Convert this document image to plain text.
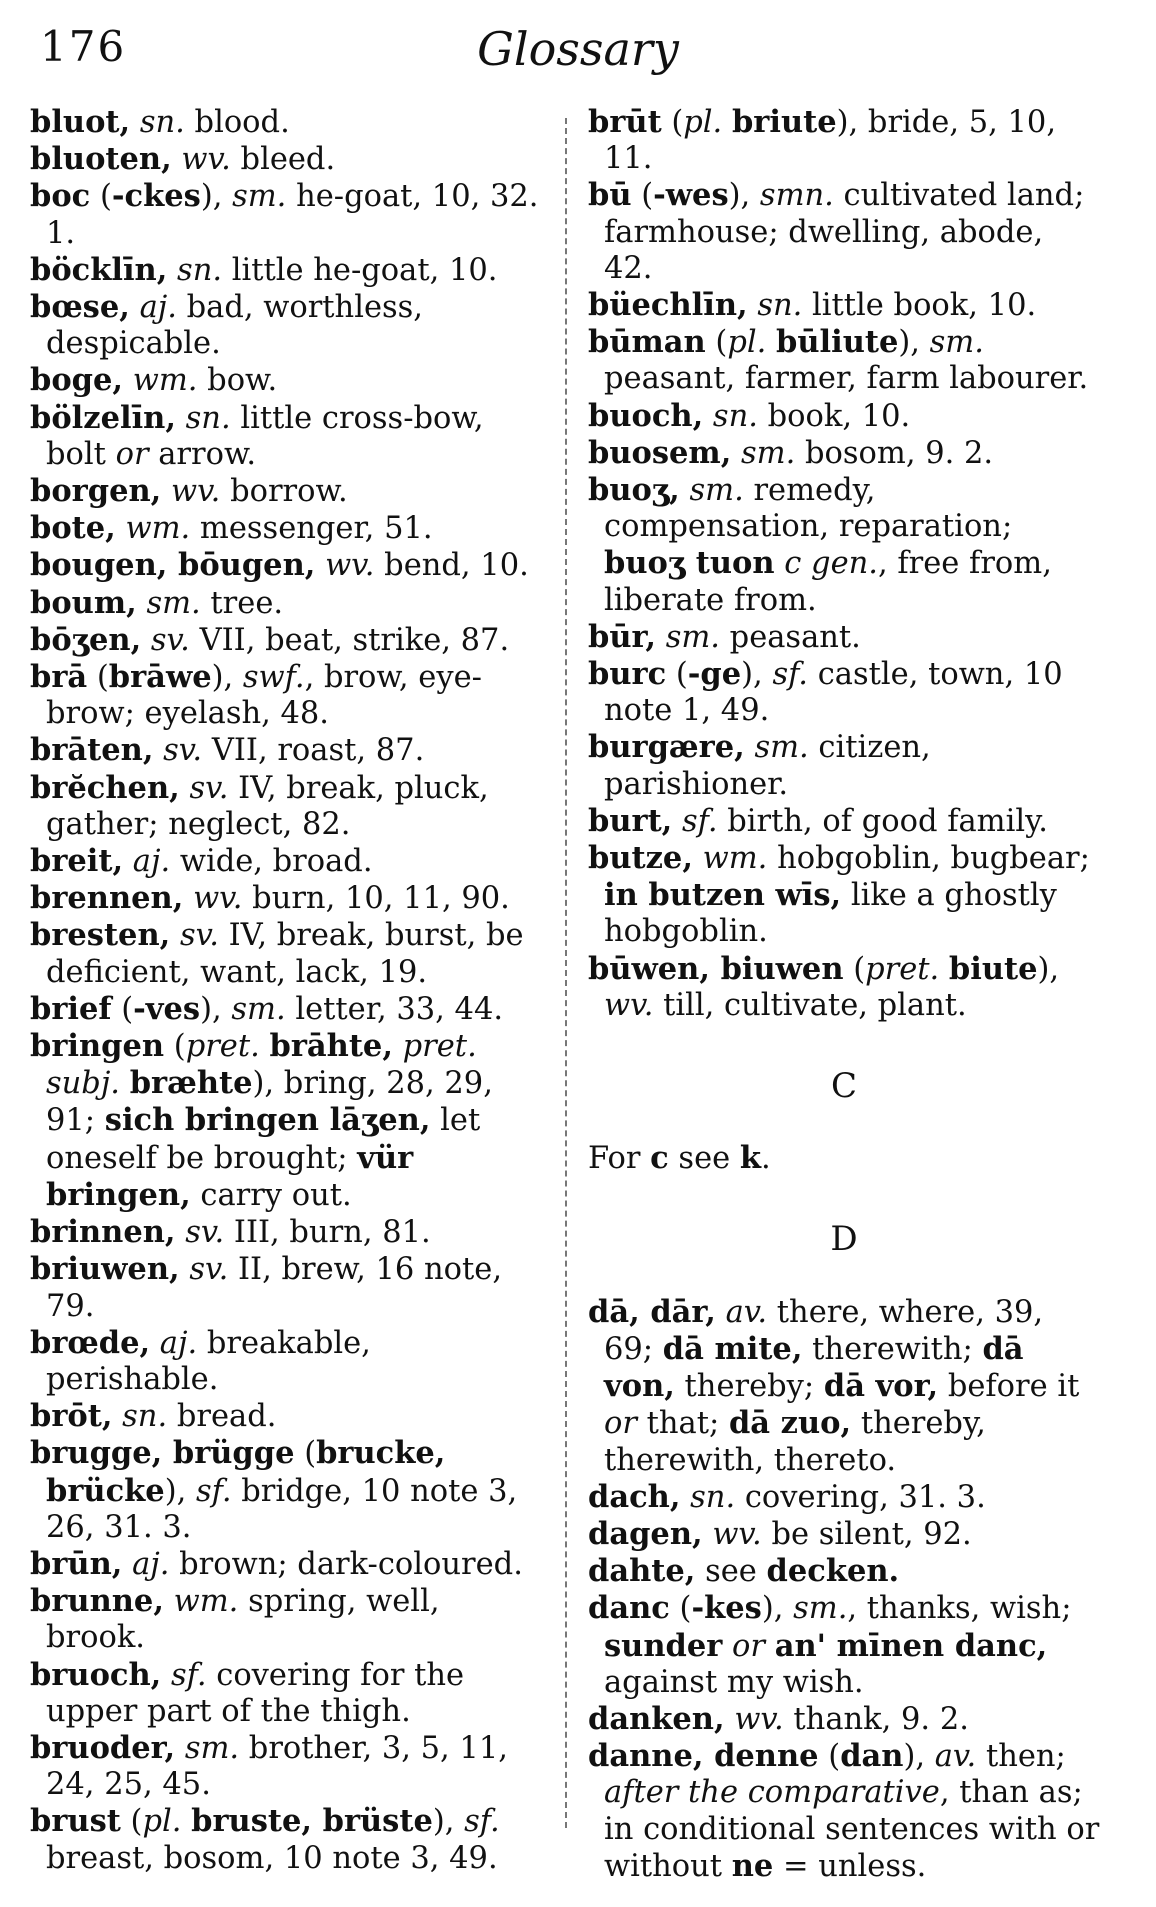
176	Glossary

bluot, sn. blood.

bluoten, wv. bleed.

boc (-ckes), sm. he-goat, 10, 32. 1.

böcklīn, sn. little he-goat, 10.

bœse, aj. bad, worthless, despicable.

boge, wm. bow.

bölzelīn, sn. little cross-bow, bolt or arrow.

borgen, wv. borrow.

bote, wm. messenger, 51.

bougen, bōugen, wv. bend, 10.

boum, sm. tree.

bōʒen, sv. VII, beat, strike, 87.

brā (brāwe), swf., brow, eye-brow; eyelash, 48.

brāten, sv. VII, roast, 87.

brĕchen, sv. IV, break, pluck, gather; neglect, 82.

breit, aj. wide, broad.

brennen, wv. burn, 10, 11, 90.

bresten, sv. IV, break, burst, be deficient, want, lack, 19.

brief (-ves), sm. letter, 33, 44.

bringen (pret. brāhte, pret. subj. bræhte), bring, 28, 29, 91; sich bringen lāʒen, let oneself be brought; vür bringen, carry out.

brinnen, sv. III, burn, 81.

briuwen, sv. II, brew, 16 note, 79.

brœde, aj. breakable, perishable.

brōt, sn. bread.

brugge, brügge (brucke, brücke), sf. bridge, 10 note 3, 26, 31. 3.

brūn, aj. brown; dark-coloured.

brunne, wm. spring, well, brook.

bruoch, sf. covering for the upper part of the thigh.

bruoder, sm. brother, 3, 5, 11, 24, 25, 45.

brust (pl. bruste, brüste), sf. breast, bosom, 10 note 3, 49.

brūt (pl. briute), bride, 5, 10, 11.

bū (-wes), smn. cultivated land; farmhouse; dwelling, abode, 42.

büechlīn, sn. little book, 10.

būman (pl. būliute), sm. peasant, farmer, farm labourer.

buoch, sn. book, 10.

buosem, sm. bosom, 9. 2.

buoʒ, sm. remedy, compensation, reparation; buoʒ tuon c gen., free from, liberate from.

būr, sm. peasant.

burc (-ge), sf. castle, town, 10 note 1, 49.

burgære, sm. citizen, parishioner.

burt, sf. birth, of good family.

butze, wm. hobgoblin, bugbear; in butzen wīs, like a ghostly hobgoblin.

būwen, biuwen (pret. biute), wv. till, cultivate, plant.

C

For c see k.

D

dā, dār, av. there, where, 39, 69; dā mite, therewith; dā von, thereby; dā vor, before it or that; dā zuo, thereby, therewith, thereto.

dach, sn. covering, 31. 3.

dagen, wv. be silent, 92.

dahte, see decken.

danc (-kes), sm., thanks, wish; sunder or an' mīnen danc, against my wish.

danken, wv. thank, 9. 2.

danne, denne (dan), av. then; after the comparative, than as; in conditional sentences with or without ne = unless.
